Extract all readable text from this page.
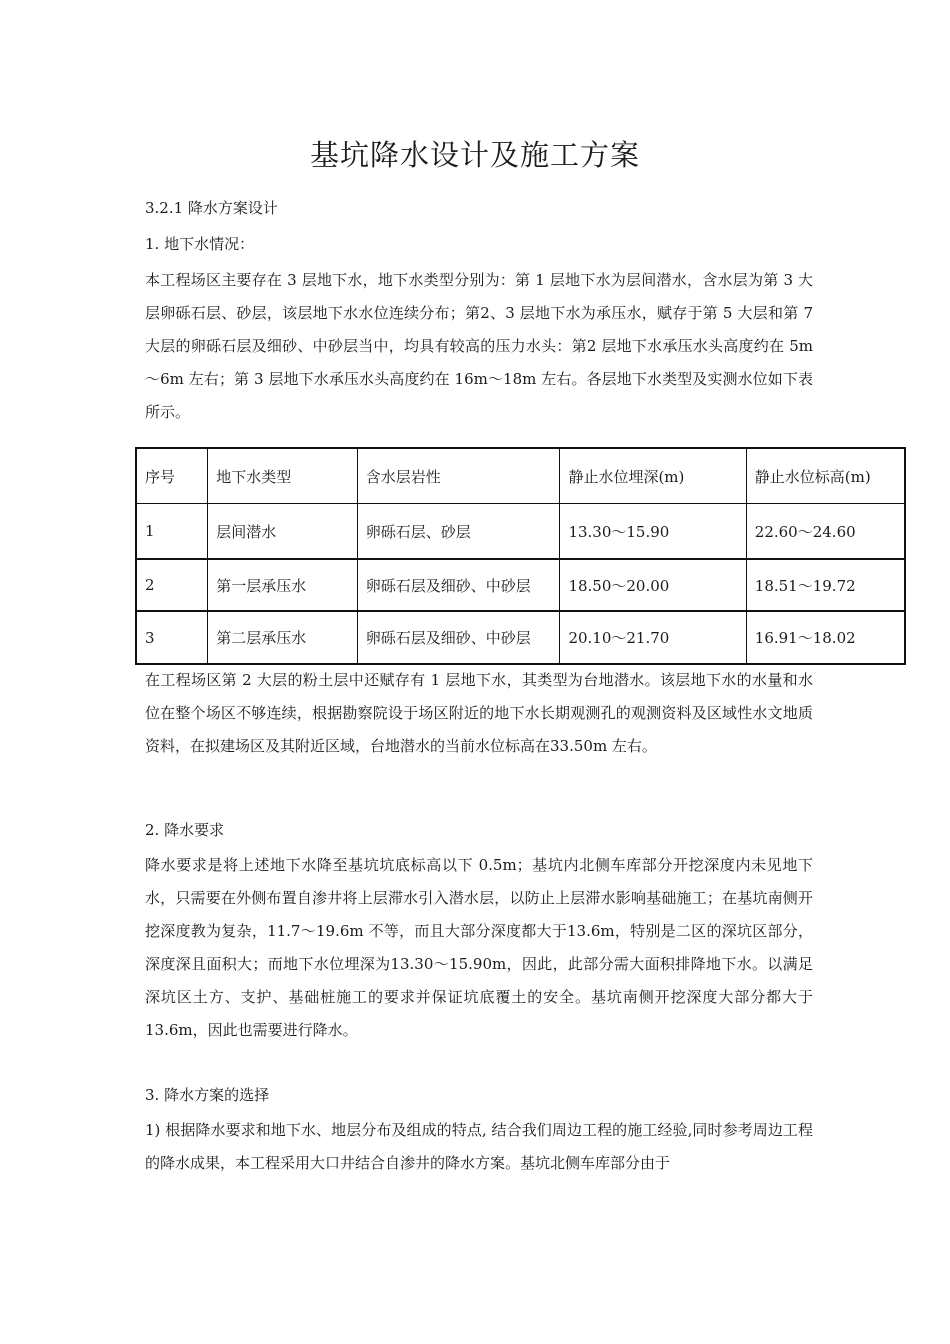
基坑降水设计及施工方案
3.2.1 降水方案设计
1. 地下水情况：
本工程场区主要存在 3 层地下水，地下水类型分别为：第 1 层地下水为层间潜水，含水层为第 3 大层卵砾石层、砂层，该层地下水水位连续分布；第2、3 层地下水为承压水，赋存于第 5 大层和第 7 大层的卵砾石层及细砂、中砂层当中，均具有较高的压力水头：第2 层地下水承压水头高度约在 5m～6m 左右；第 3 层地下水承压水头高度约在 16m～18m 左右。各层地下水类型及实测水位如下表所示。
序号	地下水类型	含水层岩性	静止水位埋深(m)	静止水位标高(m)
1	层间潜水	卵砾石层、砂层	13.30～15.90	22.60～24.60
2	第一层承压水	卵砾石层及细砂、中砂层	18.50～20.00	18.51～19.72
3	第二层承压水	卵砾石层及细砂、中砂层	20.10～21.70	16.91～18.02
在工程场区第 2 大层的粉土层中还赋存有 1 层地下水，其类型为台地潜水。该层地下水的水量和水位在整个场区不够连续，根据勘察院设于场区附近的地下水长期观测孔的观测资料及区域性水文地质资料，在拟建场区及其附近区域，台地潜水的当前水位标高在33.50m 左右。
2. 降水要求
降水要求是将上述地下水降至基坑坑底标高以下 0.5m；基坑内北侧车库部分开挖深度内未见地下水，只需要在外侧布置自渗井将上层滞水引入潜水层，以防止上层滞水影响基础施工；在基坑南侧开挖深度教为复杂，11.7～19.6m 不等，而且大部分深度都大于13.6m，特别是二区的深坑区部分，深度深且面积大；而地下水位埋深为13.30～15.90m，因此，此部分需大面积排降地下水。以满足深坑区土方、支护、基础桩施工的要求并保证坑底覆土的安全。基坑南侧开挖深度大部分都大于13.6m，因此也需要进行降水。
3. 降水方案的选择
1) 根据降水要求和地下水、地层分布及组成的特点, 结合我们周边工程的施工经验,同时参考周边工程的降水成果，本工程采用大口井结合自渗井的降水方案。基坑北侧车库部分由于
